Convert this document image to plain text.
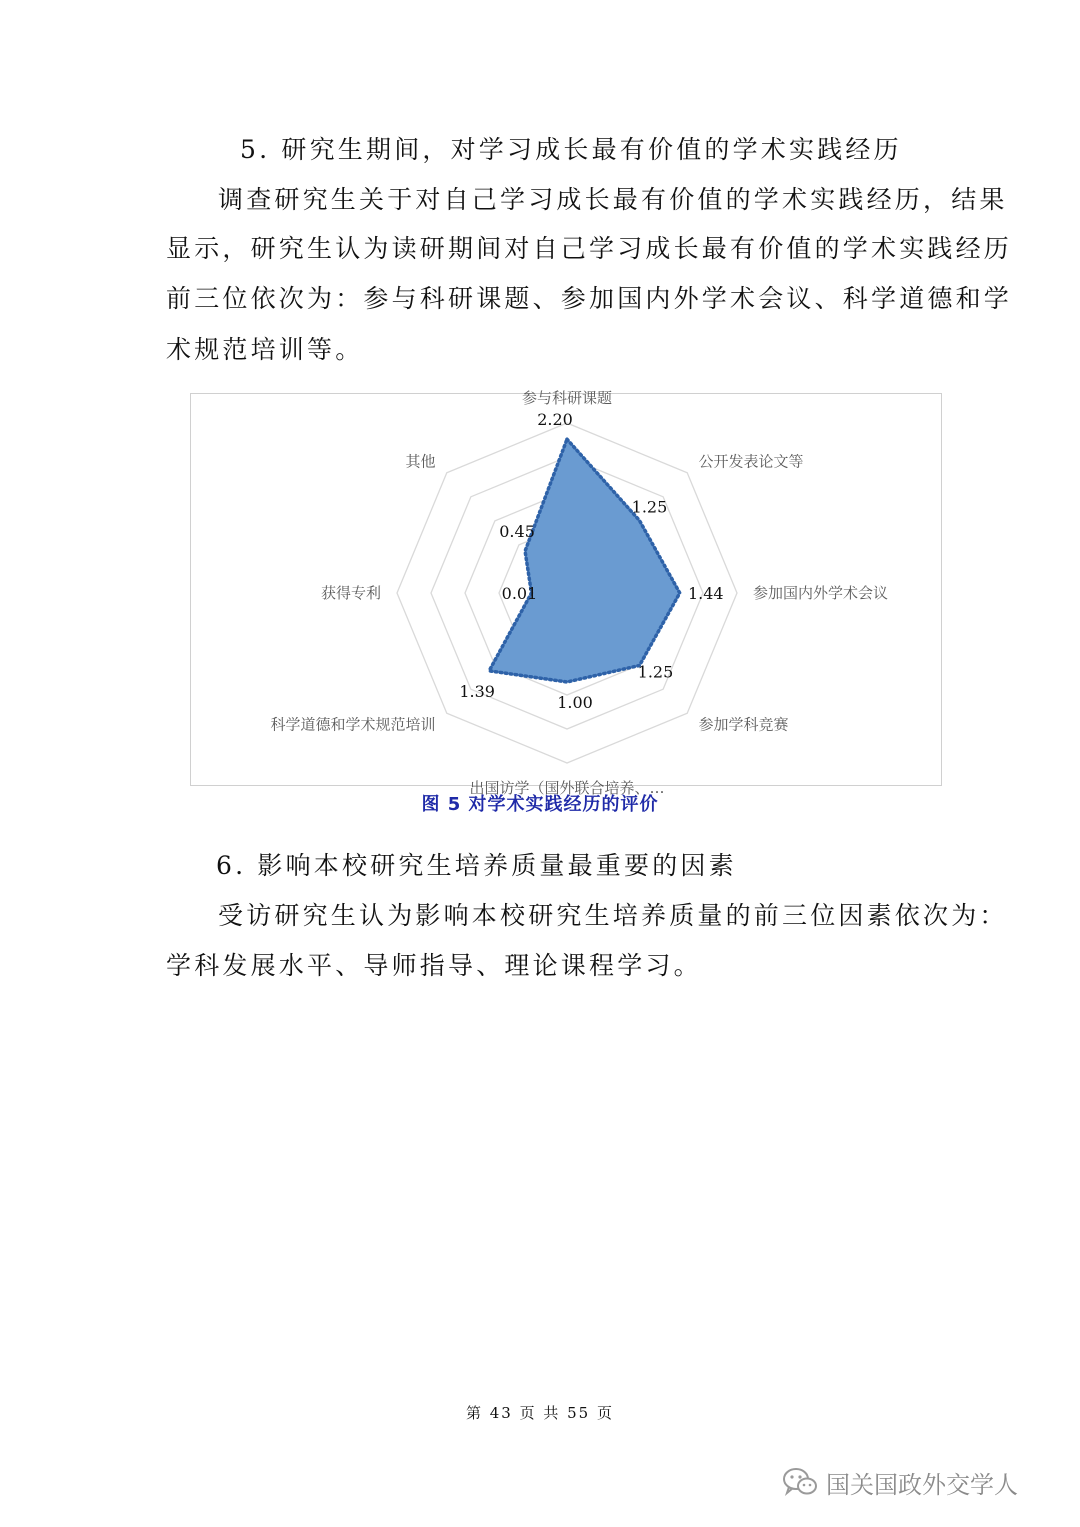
5. 研究生期间，对学习成长最有价值的学术实践经历
调查研究生关于对自己学习成长最有价值的学术实践经历，结果
显示，研究生认为读研期间对自己学习成长最有价值的学术实践经历
前三位依次为：参与科研课题、参加国内外学术会议、科学道德和学
术规范培训等。
参与科研课题
公开发表论文等
参加国内外学术会议
参加学科竞赛
出国访学（国外联合培养、…
科学道德和学术规范培训
获得专利
其他
2.20
1.25
1.44
1.25
1.00
1.39
0.01
0.45
图 5 对学术实践经历的评价
6. 影响本校研究生培养质量最重要的因素
受访研究生认为影响本校研究生培养质量的前三位因素依次为：
学科发展水平、导师指导、理论课程学习。
第 43 页 共 55 页
国关国政外交学人
